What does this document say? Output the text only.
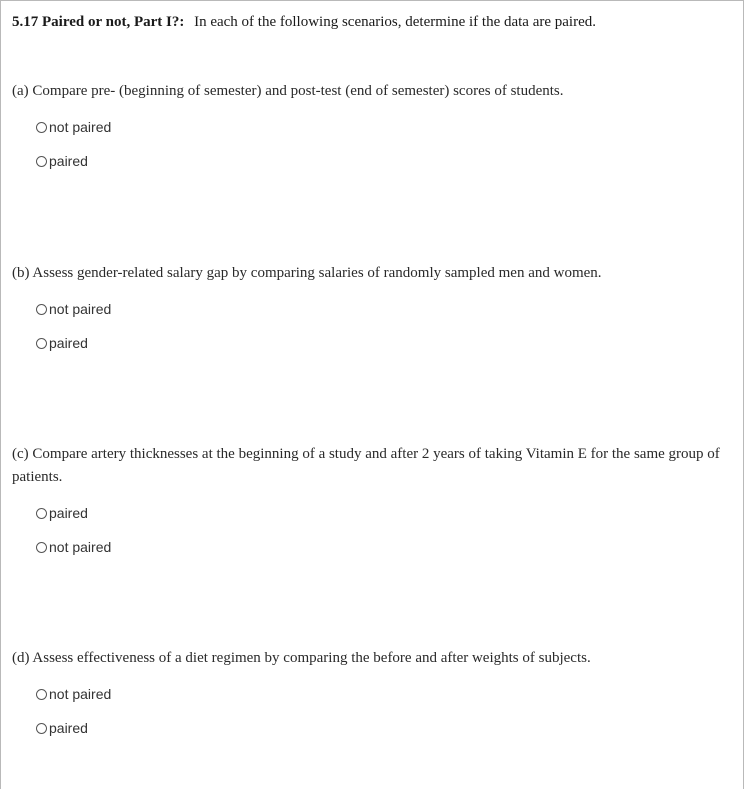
5.17 Paired or not, Part I?: In each of the following scenarios, determine if the data are paired.
(a) Compare pre- (beginning of semester) and post-test (end of semester) scores of students.
not paired
paired
(b) Assess gender-related salary gap by comparing salaries of randomly sampled men and women.
not paired
paired
(c) Compare artery thicknesses at the beginning of a study and after 2 years of taking Vitamin E for the same group of patients.
paired
not paired
(d) Assess effectiveness of a diet regimen by comparing the before and after weights of subjects.
not paired
paired
